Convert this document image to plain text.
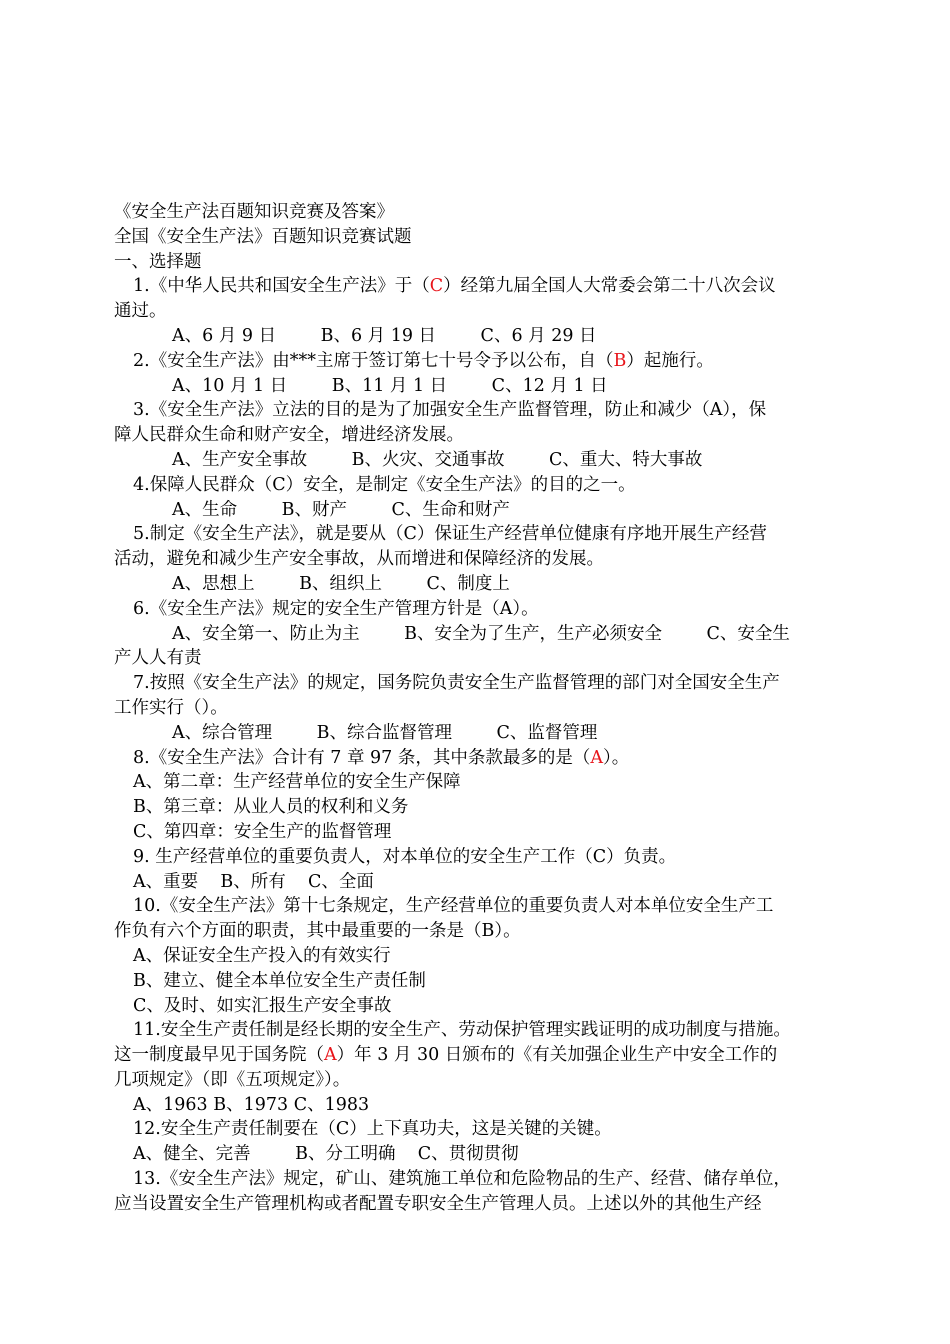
《安全生产法百题知识竞赛及答案》
全国《安全生产法》百题知识竞赛试题
一、选择题
1.《中华人民共和国安全生产法》于（C）经第九届全国人大常委会第二十八次会议
通过。
A、6 月 9 日        B、6 月 19 日        C、6 月 29 日
2.《安全生产法》由***主席于签订第七十号令予以公布，自（B）起施行。
A、10 月 1 日        B、11 月 1 日        C、12 月 1 日
3.《安全生产法》立法的目的是为了加强安全生产监督管理，防止和减少（A），保
障人民群众生命和财产安全，增进经济发展。
A、生产安全事故        B、火灾、交通事故        C、重大、特大事故
4.保障人民群众（C）安全，是制定《安全生产法》的目的之一。
A、生命        B、财产        C、生命和财产
5.制定《安全生产法》，就是要从（C）保证生产经营单位健康有序地开展生产经营
活动，避免和减少生产安全事故，从而增进和保障经济的发展。
A、思想上        B、组织上        C、制度上
6.《安全生产法》规定的安全生产管理方针是（A）。
A、安全第一、防止为主        B、安全为了生产，生产必须安全        C、安全生
产人人有责
7.按照《安全生产法》的规定，国务院负责安全生产监督管理的部门对全国安全生产
工作实行（）。
A、综合管理        B、综合监督管理        C、监督管理
8.《安全生产法》合计有 7 章 97 条，其中条款最多的是（A）。
A、第二章：生产经营单位的安全生产保障
B、第三章：从业人员的权利和义务
C、第四章：安全生产的监督管理
9. 生产经营单位的重要负责人，对本单位的安全生产工作（C）负责。
A、重要    B、所有    C、全面
10.《安全生产法》第十七条规定，生产经营单位的重要负责人对本单位安全生产工
作负有六个方面的职责，其中最重要的一条是（B）。
A、保证安全生产投入的有效实行
B、建立、健全本单位安全生产责任制
C、及时、如实汇报生产安全事故
11.安全生产责任制是经长期的安全生产、劳动保护管理实践证明的成功制度与措施。
这一制度最早见于国务院（A）年 3 月 30 日颁布的《有关加强企业生产中安全工作的
几项规定》（即《五项规定》）。
A、1963 B、1973 C、1983
12.安全生产责任制要在（C）上下真功夫，这是关键的关键。
A、健全、完善        B、分工明确    C、贯彻贯彻
13.《安全生产法》规定，矿山、建筑施工单位和危险物品的生产、经营、储存单位，
应当设置安全生产管理机构或者配置专职安全生产管理人员。上述以外的其他生产经
